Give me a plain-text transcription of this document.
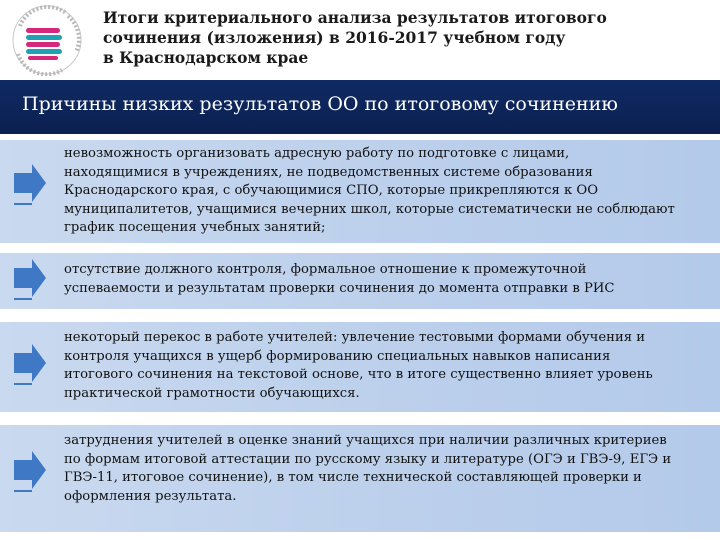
Итоги критериального анализа результатов итогового
сочинения (изложения) в 2016-2017 учебном году
в Краснодарском крае
Причины низких результатов ОО по итоговому сочинению
невозможность организовать адресную работу по подготовке с лицами,
находящимися в учреждениях, не подведомственных системе образования
Краснодарского края, с обучающимися СПО, которые прикрепляются к ОО
муниципалитетов, учащимися вечерних школ, которые систематически не соблюдают
график посещения учебных занятий;
отсутствие должного контроля, формальное отношение к промежуточной
успеваемости и результатам проверки сочинения до момента отправки в РИС
некоторый перекос в работе учителей: увлечение тестовыми формами обучения и
контроля учащихся в ущерб формированию специальных навыков написания
итогового сочинения на текстовой основе, что в итоге существенно влияет уровень
практической грамотности обучающихся.
затруднения учителей в оценке знаний учащихся при наличии различных критериев
по формам итоговой аттестации по русскому языку и литературе (ОГЭ и ГВЭ-9, ЕГЭ и
ГВЭ-11, итоговое сочинение), в том числе технической составляющей проверки и
оформления результата.
